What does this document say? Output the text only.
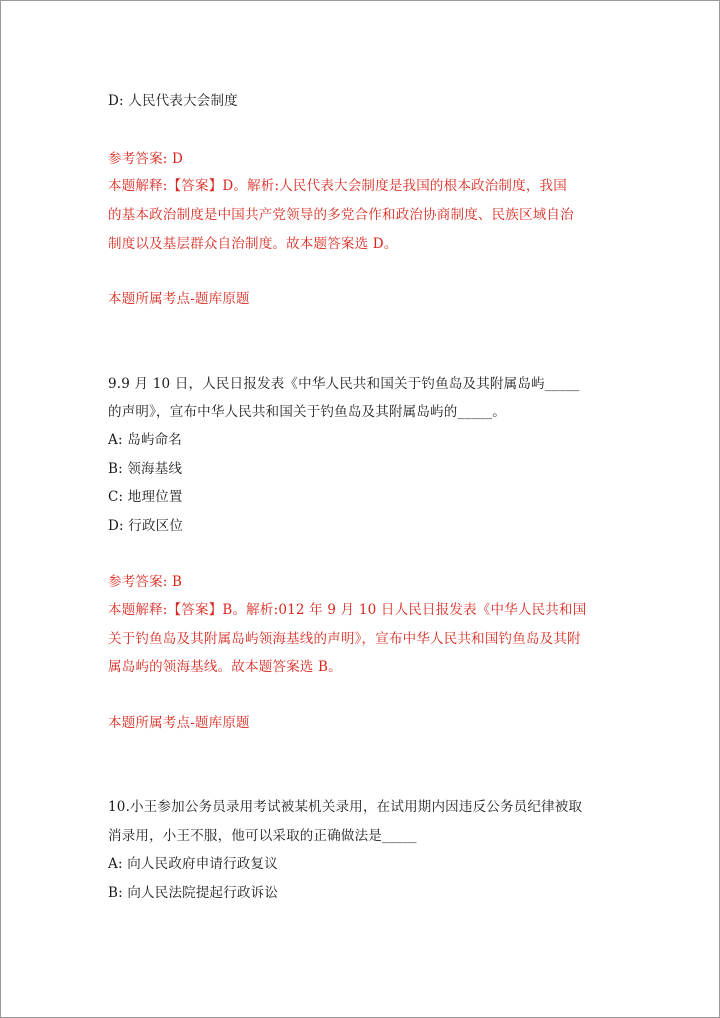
D: 人民代表大会制度
参考答案: D
本题解释:【答案】D。解析:人民代表大会制度是我国的根本政治制度，我国
的基本政治制度是中国共产党领导的多党合作和政治协商制度、民族区域自治
制度以及基层群众自治制度。故本题答案选 D。
本题所属考点-题库原题
9.9 月 10 日，人民日报发表《中华人民共和国关于钓鱼岛及其附属岛屿_____
的声明》，宣布中华人民共和国关于钓鱼岛及其附属岛屿的_____。
A: 岛屿命名
B: 领海基线
C: 地理位置
D: 行政区位
参考答案: B
本题解释:【答案】B。解析:012 年 9 月 10 日人民日报发表《中华人民共和国
关于钓鱼岛及其附属岛屿领海基线的声明》，宣布中华人民共和国钓鱼岛及其附
属岛屿的领海基线。故本题答案选 B。
本题所属考点-题库原题
10.小王参加公务员录用考试被某机关录用，在试用期内因违反公务员纪律被取
消录用，小王不服，他可以采取的正确做法是_____
A: 向人民政府申请行政复议
B: 向人民法院提起行政诉讼
